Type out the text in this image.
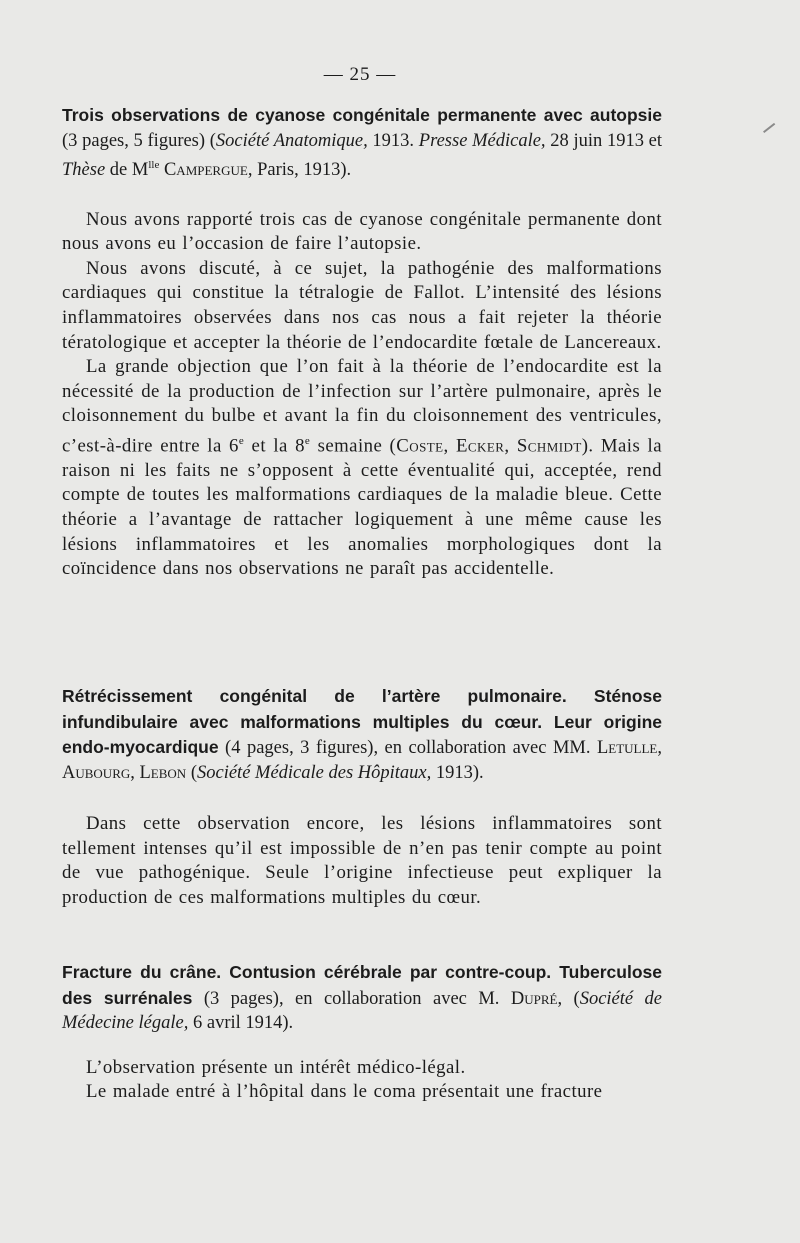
— 25 —

Trois observations de cyanose congénitale permanente avec autopsie (3 pages, 5 figures) (Société Anatomique, 1913. Presse Médicale, 28 juin 1913 et Thèse de $M^{lle}$ Campergue, Paris, 1913).

Nous avons rapporté trois cas de cyanose congénitale permanente dont nous avons eu l’occasion de faire l’autopsie.

Nous avons discuté, à ce sujet, la pathogénie des malformations cardiaques qui constitue la tétralogie de Fallot. L’intensité des lésions inflammatoires observées dans nos cas nous a fait rejeter la théorie tératologique et accepter la théorie de l’endocardite fœtale de Lancereaux.

La grande objection que l’on fait à la théorie de l’endocardite est la nécessité de la production de l’infection sur l’artère pulmonaire, après le cloisonnement du bulbe et avant la fin du cloisonnement des ventricules, c’est-à-dire entre la 6e et la 8e semaine (Coste, Ecker, Schmidt). Mais la raison ni les faits ne s’opposent à cette éventualité qui, acceptée, rend compte de toutes les malformations cardiaques de la maladie bleue. Cette théorie a l’avantage de rattacher logiquement à une même cause les lésions inflammatoires et les anomalies morphologiques dont la coïncidence dans nos observations ne paraît pas accidentelle.

Rétrécissement congénital de l’artère pulmonaire. Sténose infundibulaire avec malformations multiples du cœur. Leur origine endo-myocardique (4 pages, 3 figures), en collaboration avec MM. Letulle, Aubourg, Lebon (Société Médicale des Hôpitaux, 1913).

Dans cette observation encore, les lésions inflammatoires sont tellement intenses qu’il est impossible de n’en pas tenir compte au point de vue pathogénique. Seule l’origine infectieuse peut expliquer la production de ces malformations multiples du cœur.

Fracture du crâne. Contusion cérébrale par contre-coup. Tuberculose des surrénales (3 pages), en collaboration avec M. Dupré, (Société de Médecine légale, 6 avril 1914).

L’observation présente un intérêt médico-légal.

Le malade entré à l’hôpital dans le coma présentait une fracture
